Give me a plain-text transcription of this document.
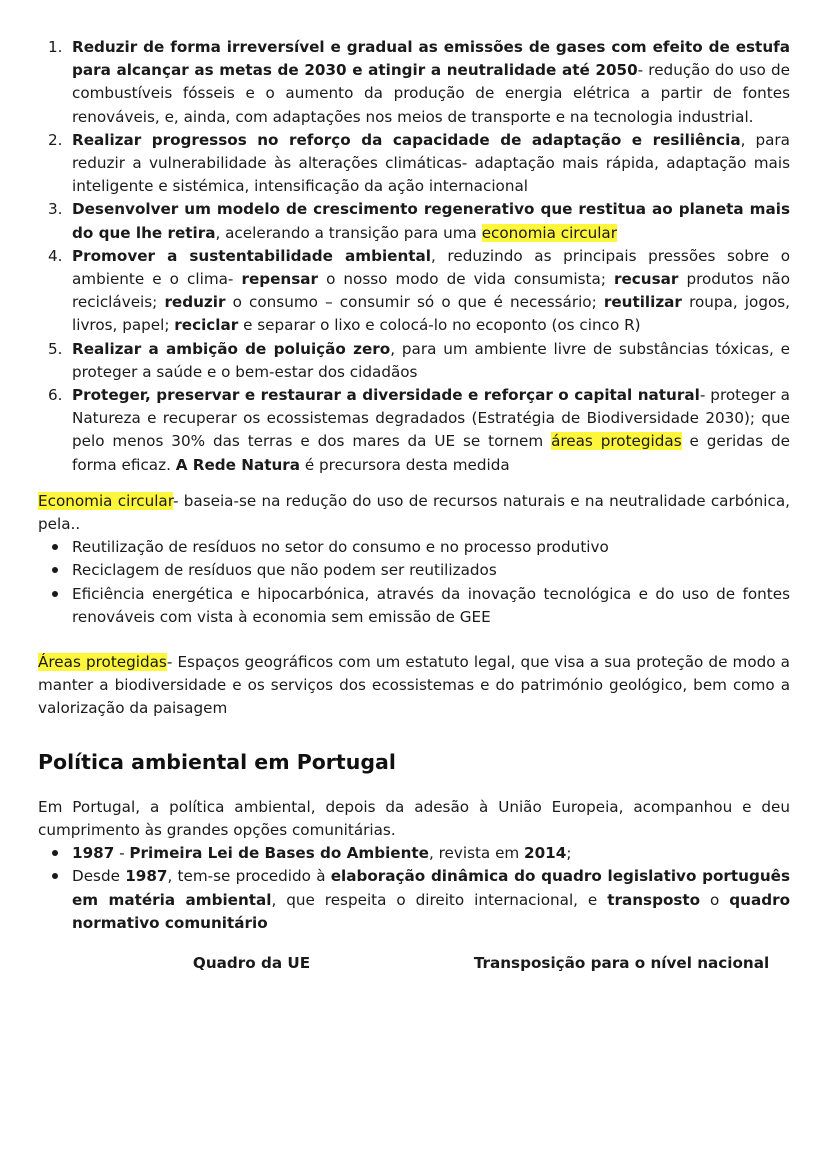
1. Reduzir de forma irreversível e gradual as emissões de gases com efeito de estufa para alcançar as metas de 2030 e atingir a neutralidade até 2050- redução do uso de combustíveis fósseis e o aumento da produção de energia elétrica a partir de fontes renováveis, e, ainda, com adaptações nos meios de transporte e na tecnologia industrial.
2. Realizar progressos no reforço da capacidade de adaptação e resiliência, para reduzir a vulnerabilidade às alterações climáticas- adaptação mais rápida, adaptação mais inteligente e sistémica, intensificação da ação internacional
3. Desenvolver um modelo de crescimento regenerativo que restitua ao planeta mais do que lhe retira, acelerando a transição para uma economia circular
4. Promover a sustentabilidade ambiental, reduzindo as principais pressões sobre o ambiente e o clima- repensar o nosso modo de vida consumista; recusar produtos não recicláveis; reduzir o consumo – consumir só o que é necessário; reutilizar roupa, jogos, livros, papel; reciclar e separar o lixo e colocá-lo no ecoponto (os cinco R)
5. Realizar a ambição de poluição zero, para um ambiente livre de substâncias tóxicas, e proteger a saúde e o bem-estar dos cidadãos
6. Proteger, preservar e restaurar a diversidade e reforçar o capital natural- proteger a Natureza e recuperar os ecossistemas degradados (Estratégia de Biodiversidade 2030); que pelo menos 30% das terras e dos mares da UE se tornem áreas protegidas e geridas de forma eficaz. A Rede Natura é precursora desta medida

Economia circular- baseia-se na redução do uso de recursos naturais e na neutralidade carbónica, pela..

Reutilização de resíduos no setor do consumo e no processo produtivo
Reciclagem de resíduos que não podem ser reutilizados
Eficiência energética e hipocarbónica, através da inovação tecnológica e do uso de fontes renováveis com vista à economia sem emissão de GEE

Áreas protegidas- Espaços geográficos com um estatuto legal, que visa a sua proteção de modo a manter a biodiversidade e os serviços dos ecossistemas e do património geológico, bem como a valorização da paisagem

Política ambiental em Portugal

Em Portugal, a política ambiental, depois da adesão à União Europeia, acompanhou e deu cumprimento às grandes opções comunitárias.

1987 - Primeira Lei de Bases do Ambiente, revista em 2014;
Desde 1987, tem-se procedido à elaboração dinâmica do quadro legislativo português em matéria ambiental, que respeita o direito internacional, e transposto o quadro normativo comunitário
Quadro da UE	Transposição para o nível nacional
